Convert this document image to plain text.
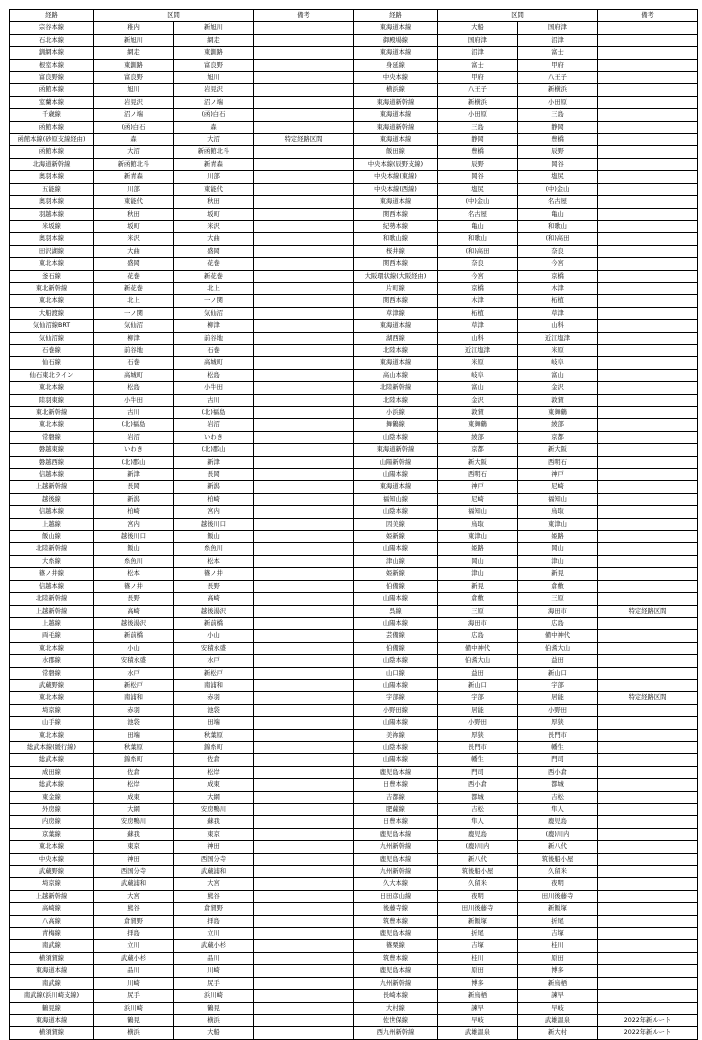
経路	区間		備考	経路	区間		備考
宗谷本線	稚内	新旭川		東海道本線	大船	国府津	
石北本線	新旭川	網走		御殿場線	国府津	沼津	
釧網本線	網走	東釧路		東海道本線	沼津	富士	
根室本線	東釧路	富良野		身延線	富士	甲府	
富良野線	富良野	旭川		中央本線	甲府	八王子	
函館本線	旭川	岩見沢		横浜線	八王子	新横浜	
室蘭本線	岩見沢	沼ノ端		東海道新幹線	新横浜	小田原	
千歳線	沼ノ端	(函)白石		東海道本線	小田原	三島	
函館本線	(函)白石	森		東海道新幹線	三島	静岡	
函館本線(砂原支線経由)	森	大沼	特定経路区間	東海道本線	静岡	豊橋	
函館本線	大沼	新函館北斗		飯田線	豊橋	辰野	
北海道新幹線	新函館北斗	新青森		中央本線(辰野支線)	辰野	岡谷	
奥羽本線	新青森	川部		中央本線(東線)	岡谷	塩尻	
五能線	川部	東能代		中央本線(西線)	塩尻	(中)金山	
奥羽本線	東能代	秋田		東海道本線	(中)金山	名古屋	
羽越本線	秋田	坂町		関西本線	名古屋	亀山	
米坂線	坂町	米沢		紀勢本線	亀山	和歌山	
奥羽本線	米沢	大曲		和歌山線	和歌山	(和)高田	
田沢湖線	大曲	盛岡		桜井線	(和)高田	奈良	
東北本線	盛岡	花巻		関西本線	奈良	今宮	
釜石線	花巻	新花巻		大阪環状線(大阪経由)	今宮	京橋	
東北新幹線	新花巻	北上		片町線	京橋	木津	
東北本線	北上	一ノ関		関西本線	木津	柘植	
大船渡線	一ノ関	気仙沼		草津線	柘植	草津	
気仙沼線BRT	気仙沼	柳津		東海道本線	草津	山科	
気仙沼線	柳津	前谷地		湖西線	山科	近江塩津	
石巻線	前谷地	石巻		北陸本線	近江塩津	米原	
仙石線	石巻	高城町		東海道本線	米原	岐阜	
仙石東北ライン	高城町	松島		高山本線	岐阜	富山	
東北本線	松島	小牛田		北陸新幹線	富山	金沢	
陸羽東線	小牛田	古川		北陸本線	金沢	敦賀	
東北新幹線	古川	(北)福島		小浜線	敦賀	東舞鶴	
東北本線	(北)福島	岩沼		舞鶴線	東舞鶴	綾部	
常磐線	岩沼	いわき		山陰本線	綾部	京都	
磐越東線	いわき	(北)郡山		東海道新幹線	京都	新大阪	
磐越西線	(北)郡山	新津		山陽新幹線	新大阪	西明石	
信越本線	新津	長岡		山陽本線	西明石	神戸	
上越新幹線	長岡	新潟		東海道本線	神戸	尼崎	
越後線	新潟	柏崎		福知山線	尼崎	福知山	
信越本線	柏崎	宮内		山陰本線	福知山	鳥取	
上越線	宮内	越後川口		因美線	鳥取	東津山	
飯山線	越後川口	飯山		姫新線	東津山	姫路	
北陸新幹線	飯山	糸魚川		山陽本線	姫路	岡山	
大糸線	糸魚川	松本		津山線	岡山	津山	
篠ノ井線	松本	篠ノ井		姫新線	津山	新見	
信越本線	篠ノ井	長野		伯備線	新見	倉敷	
北陸新幹線	長野	高崎		山陽本線	倉敷	三原	
上越新幹線	高崎	越後湯沢		呉線	三原	海田市	特定経路区間
上越線	越後湯沢	新前橋		山陽本線	海田市	広島	
両毛線	新前橋	小山		芸備線	広島	備中神代	
東北本線	小山	安積永盛		伯備線	備中神代	伯耆大山	
水郡線	安積永盛	水戸		山陰本線	伯耆大山	益田	
常磐線	水戸	新松戸		山口線	益田	新山口	
武蔵野線	新松戸	南浦和		山陽本線	新山口	宇部	
東北本線	南浦和	赤羽		宇部線	宇部	居能	特定経路区間
埼京線	赤羽	池袋		小野田線	居能	小野田	
山手線	池袋	田端		山陽本線	小野田	厚狭	
東北本線	田端	秋葉原		美祢線	厚狭	長門市	
総武本線(緩行線)	秋葉原	錦糸町		山陰本線	長門市	幡生	
総武本線	錦糸町	佐倉		山陽本線	幡生	門司	
成田線	佐倉	松岸		鹿児島本線	門司	西小倉	
総武本線	松岸	成東		日豊本線	西小倉	都城	
東金線	成東	大網		吉都線	都城	吉松	
外房線	大網	安房鴨川		肥薩線	吉松	隼人	
内房線	安房鴨川	蘇我		日豊本線	隼人	鹿児島	
京葉線	蘇我	東京		鹿児島本線	鹿児島	(鹿)川内	
東北本線	東京	神田		九州新幹線	(鹿)川内	新八代	
中央本線	神田	西国分寺		鹿児島本線	新八代	筑後船小屋	
武蔵野線	西国分寺	武蔵浦和		九州新幹線	筑後船小屋	久留米	
埼京線	武蔵浦和	大宮		久大本線	久留米	夜明	
上越新幹線	大宮	熊谷		日田彦山線	夜明	田川後藤寺	
高崎線	熊谷	倉賀野		後藤寺線	田川後藤寺	新飯塚	
八高線	倉賀野	拝島		筑豊本線	新飯塚	折尾	
青梅線	拝島	立川		鹿児島本線	折尾	吉塚	
南武線	立川	武蔵小杉		篠栗線	吉塚	桂川	
横須賀線	武蔵小杉	品川		筑豊本線	桂川	原田	
東海道本線	品川	川崎		鹿児島本線	原田	博多	
南武線	川崎	尻手		九州新幹線	博多	新鳥栖	
南武線(浜川崎支線)	尻手	浜川崎		長崎本線	新鳥栖	諫早	
鶴見線	浜川崎	鶴見		大村線	諫早	早岐	
東海道本線	鶴見	横浜		佐世保線	早岐	武雄温泉	2022年新ルート
横須賀線	横浜	大船		西九州新幹線	武雄温泉	新大村	2022年新ルート
